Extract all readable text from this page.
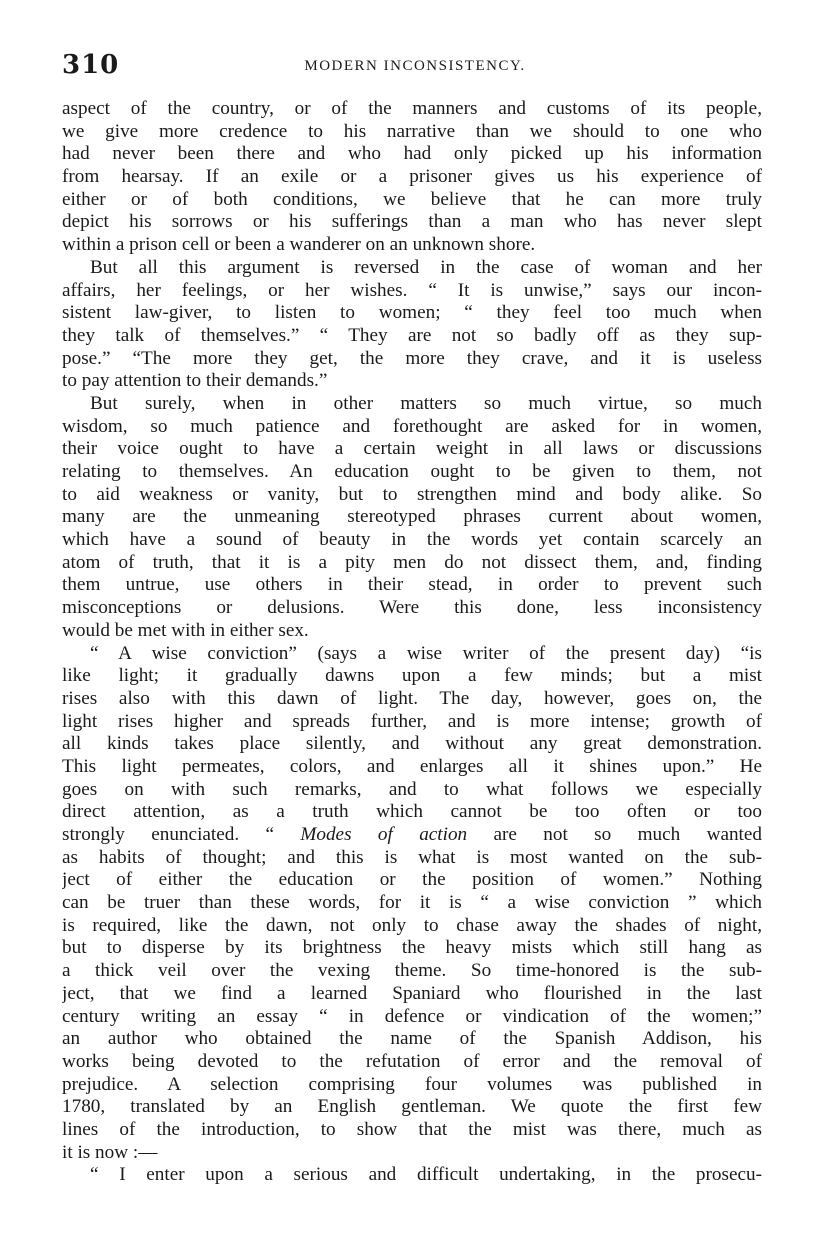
310	MODERN INCONSISTENCY.
aspect of the country, or of the manners and customs of its people,
we give more credence to his narrative than we should to one who
had never been there and who had only picked up his information
from hearsay. If an exile or a prisoner gives us his experience of
either or of both conditions, we believe that he can more truly
depict his sorrows or his sufferings than a man who has never slept
within a prison cell or been a wanderer on an unknown shore.
But all this argument is reversed in the case of woman and her
affairs, her feelings, or her wishes. “ It is unwise,” says our incon-
sistent law-giver, to listen to women; “ they feel too much when
they talk of themselves.” “ They are not so badly off as they sup-
pose.” “The more they get, the more they crave, and it is useless
to pay attention to their demands.”
But surely, when in other matters so much virtue, so much
wisdom, so much patience and forethought are asked for in women,
their voice ought to have a certain weight in all laws or discussions
relating to themselves. An education ought to be given to them, not
to aid weakness or vanity, but to strengthen mind and body alike. So
many are the unmeaning stereotyped phrases current about women,
which have a sound of beauty in the words yet contain scarcely an
atom of truth, that it is a pity men do not dissect them, and, finding
them untrue, use others in their stead, in order to prevent such
misconceptions or delusions. Were this done, less inconsistency
would be met with in either sex.
“ A wise conviction” (says a wise writer of the present day) “is
like light; it gradually dawns upon a few minds; but a mist
rises also with this dawn of light. The day, however, goes on, the
light rises higher and spreads further, and is more intense; growth of
all kinds takes place silently, and without any great demonstration.
This light permeates, colors, and enlarges all it shines upon.” He
goes on with such remarks, and to what follows we especially
direct attention, as a truth which cannot be too often or too
strongly enunciated. “ Modes of action are not so much wanted
as habits of thought; and this is what is most wanted on the sub-
ject of either the education or the position of women.” Nothing
can be truer than these words, for it is “ a wise conviction ” which
is required, like the dawn, not only to chase away the shades of night,
but to disperse by its brightness the heavy mists which still hang as
a thick veil over the vexing theme. So time-honored is the sub-
ject, that we find a learned Spaniard who flourished in the last
century writing an essay “ in defence or vindication of the women;”
an author who obtained the name of the Spanish Addison, his
works being devoted to the refutation of error and the removal of
prejudice. A selection comprising four volumes was published in
1780, translated by an English gentleman. We quote the first few
lines of the introduction, to show that the mist was there, much as
it is now :—
“ I enter upon a serious and difficult undertaking, in the prosecu-
